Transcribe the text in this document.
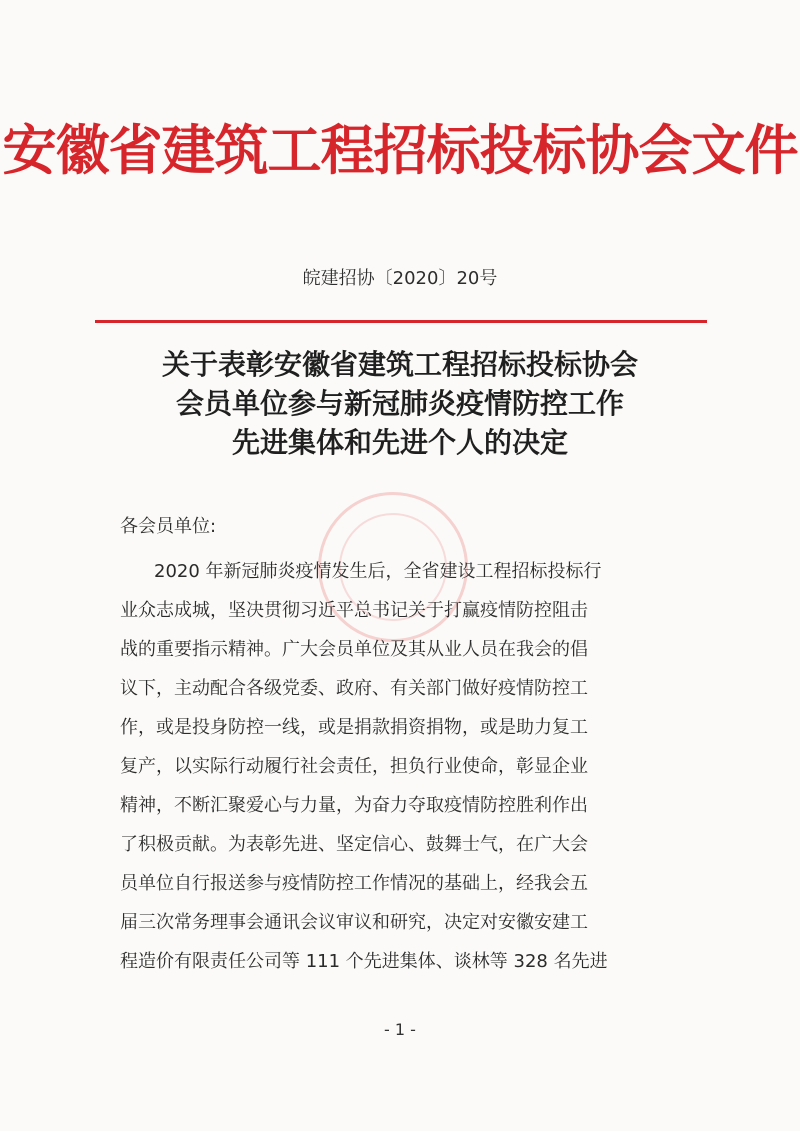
安徽省建筑工程招标投标协会文件
皖建招协〔2020〕20号
关于表彰安徽省建筑工程招标投标协会
会员单位参与新冠肺炎疫情防控工作
先进集体和先进个人的决定
各会员单位:
2020 年新冠肺炎疫情发生后，全省建设工程招标投标行
业众志成城，坚决贯彻习近平总书记关于打赢疫情防控阻击
战的重要指示精神。广大会员单位及其从业人员在我会的倡
议下，主动配合各级党委、政府、有关部门做好疫情防控工
作，或是投身防控一线，或是捐款捐资捐物，或是助力复工
复产，以实际行动履行社会责任，担负行业使命，彰显企业
精神，不断汇聚爱心与力量，为奋力夺取疫情防控胜利作出
了积极贡献。为表彰先进、坚定信心、鼓舞士气，在广大会
员单位自行报送参与疫情防控工作情况的基础上，经我会五
届三次常务理事会通讯会议审议和研究，决定对安徽安建工
程造价有限责任公司等 111 个先进集体、谈林等 328 名先进
- 1 -
